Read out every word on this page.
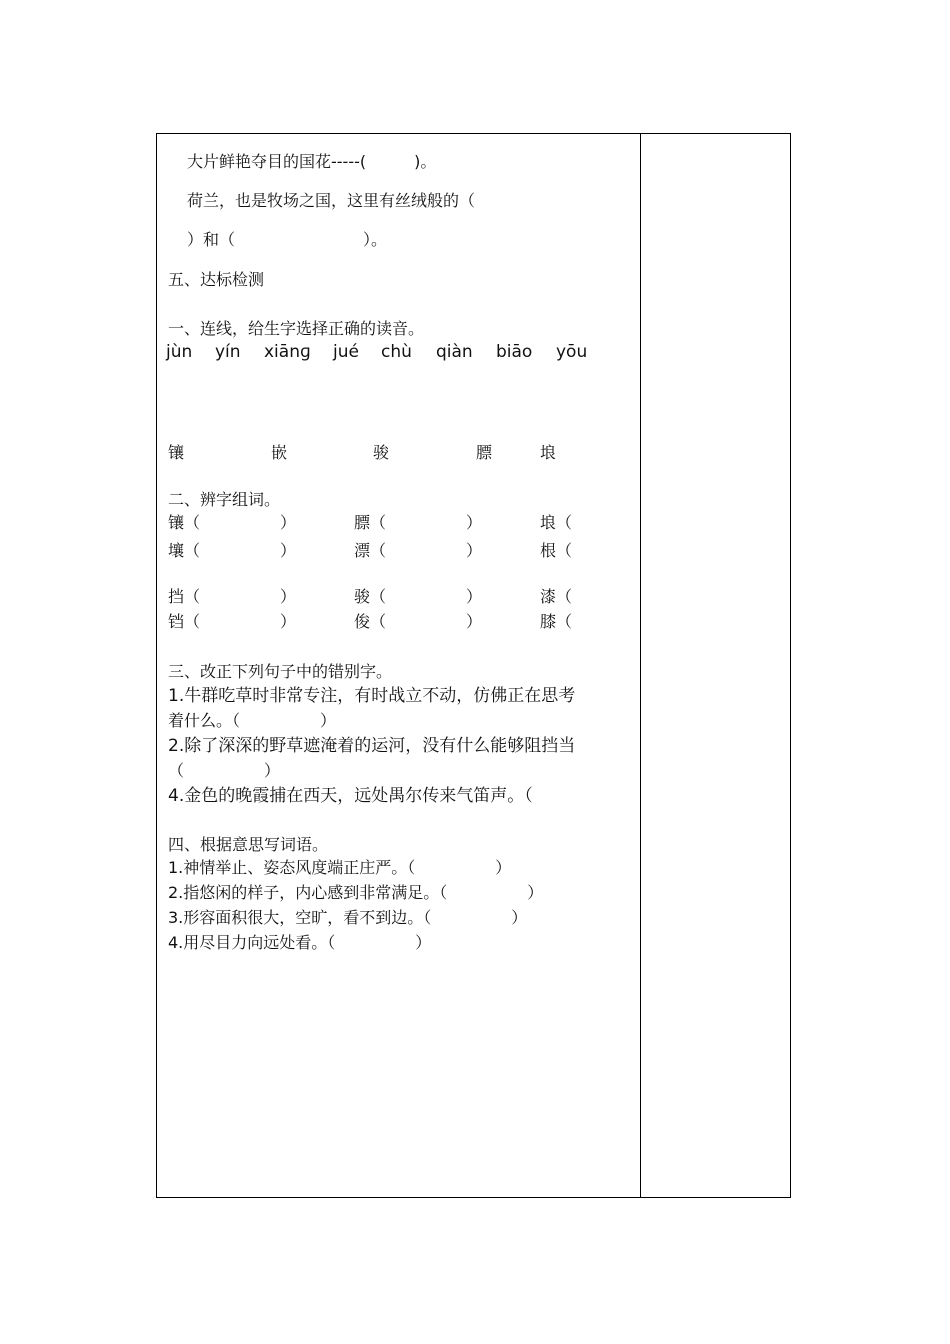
大片鲜艳夺目的国花-----(　　　)。
荷兰，也是牧场之国，这里有丝绒般的（
）和（　　　　　　　　）。
五、达标检测
一、连线，给生字选择正确的读音。
jùn yín xiānɡ jué chù qiàn biāo yōu
镶	嵌	骏	膘	埌
二、辨字组词。
镶（　　　　　）	膘（　　　　　）	埌（
壤（　　　　　）	漂（　　　　　）	根（
挡（　　　　　）	骏（　　　　　）	漆（
铛（　　　　　）	俊（　　　　　）	膝（
三、改正下列句子中的错别字。
1.牛群吃草时非常专注，有时战立不动，仿佛正在思考
着什么。（　　　　　）
2.除了深深的野草遮淹着的运河，没有什么能够阻挡当
（　　　　　）
4.金色的晚霞捕在西天，远处禺尔传来气笛声。（
四、根据意思写词语。
1.神情举止、姿态风度端正庄严。（　　　　　）
2.指悠闲的样子，内心感到非常满足。（　　　　　）
3.形容面积很大，空旷，看不到边。（　　　　　）
4.用尽目力向远处看。（　　　　　）
